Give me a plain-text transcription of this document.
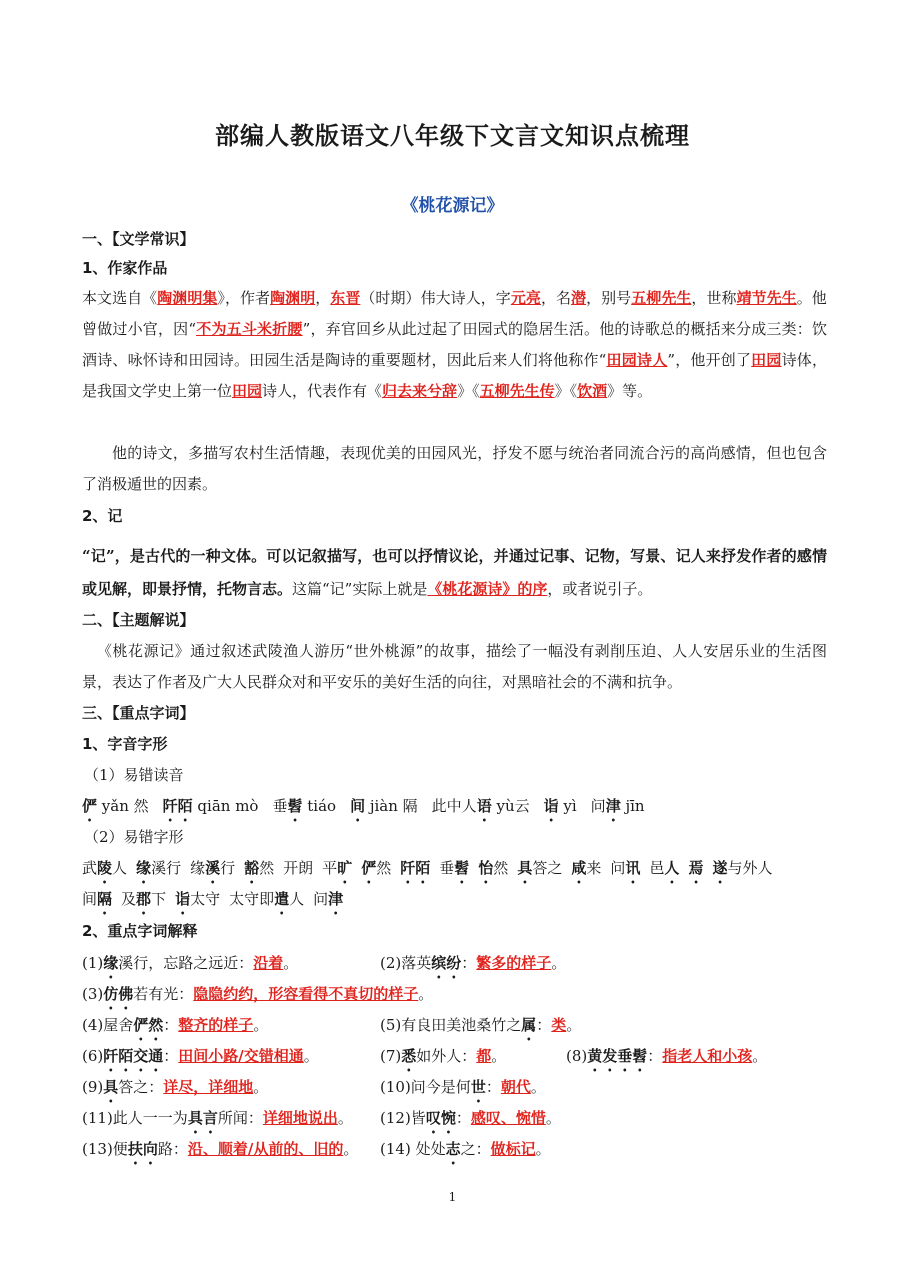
部编人教版语文八年级下文言文知识点梳理
《桃花源记》
一、【文学常识】
1、作家作品
本文选自《陶渊明集》，作者陶渊明，东晋（时期）伟大诗人，字元亮，名潜，别号五柳先生，世称靖节先生。他曾做过小官，因“不为五斗米折腰”，弃官回乡从此过起了田园式的隐居生活。他的诗歌总的概括来分成三类：饮酒诗、咏怀诗和田园诗。田园生活是陶诗的重要题材，因此后来人们将他称作“田园诗人”，他开创了田园诗体，是我国文学史上第一位田园诗人，代表作有《归去来兮辞》《五柳先生传》《饮酒》等。
他的诗文，多描写农村生活情趣，表现优美的田园风光，抒发不愿与统治者同流合污的高尚感情，但也包含了消极遁世的因素。
2、记
“记”，是古代的一种文体。可以记叙描写，也可以抒情议论，并通过记事、记物，写景、记人来抒发作者的感情或见解，即景抒情，托物言志。这篇“记”实际上就是《桃花源诗》的序，或者说引子。
二、【主题解说】
《桃花源记》通过叙述武陵渔人游历“世外桃源”的故事，描绘了一幅没有剥削压迫、人人安居乐业的生活图景，表达了作者及广大人民群众对和平安乐的美好生活的向往，对黑暗社会的不满和抗争。
三、【重点字词】
1、字音字形
（1）易错读音
俨 yǎn 然 阡陌 qiān mò 垂髫 tiáo 间 jiàn 隔 此中人语 yù云 诣 yì 问津 jīn
（2）易错字形
武陵人 缘溪行 缘溪行 豁然 开朗 平旷 俨然 阡陌 垂髫 怡然 具答之 咸来 问讯 邑人 焉 遂与外人
间隔 及郡下 诣太守 太守即遣人 问津
2、重点字词解释
(1)缘溪行，忘路之远近：沿着。	(2)落英缤纷：繁多的样子。
(3)仿佛若有光：隐隐约约，形容看得不真切的样子。
(4)屋舍俨然：整齐的样子。	(5)有良田美池桑竹之属：类。
(6)阡陌交通：田间小路/交错相通。	(7)悉如外人：都。	(8)黄发垂髫：指老人和小孩。
(9)具答之：详尽，详细地。	(10)问今是何世：朝代。
(11)此人一一为具言所闻：详细地说出。 (12)皆叹惋：感叹、惋惜。
(13)便扶向路：沿、顺着/从前的、旧的。 (14) 处处志之：做标记。
1
